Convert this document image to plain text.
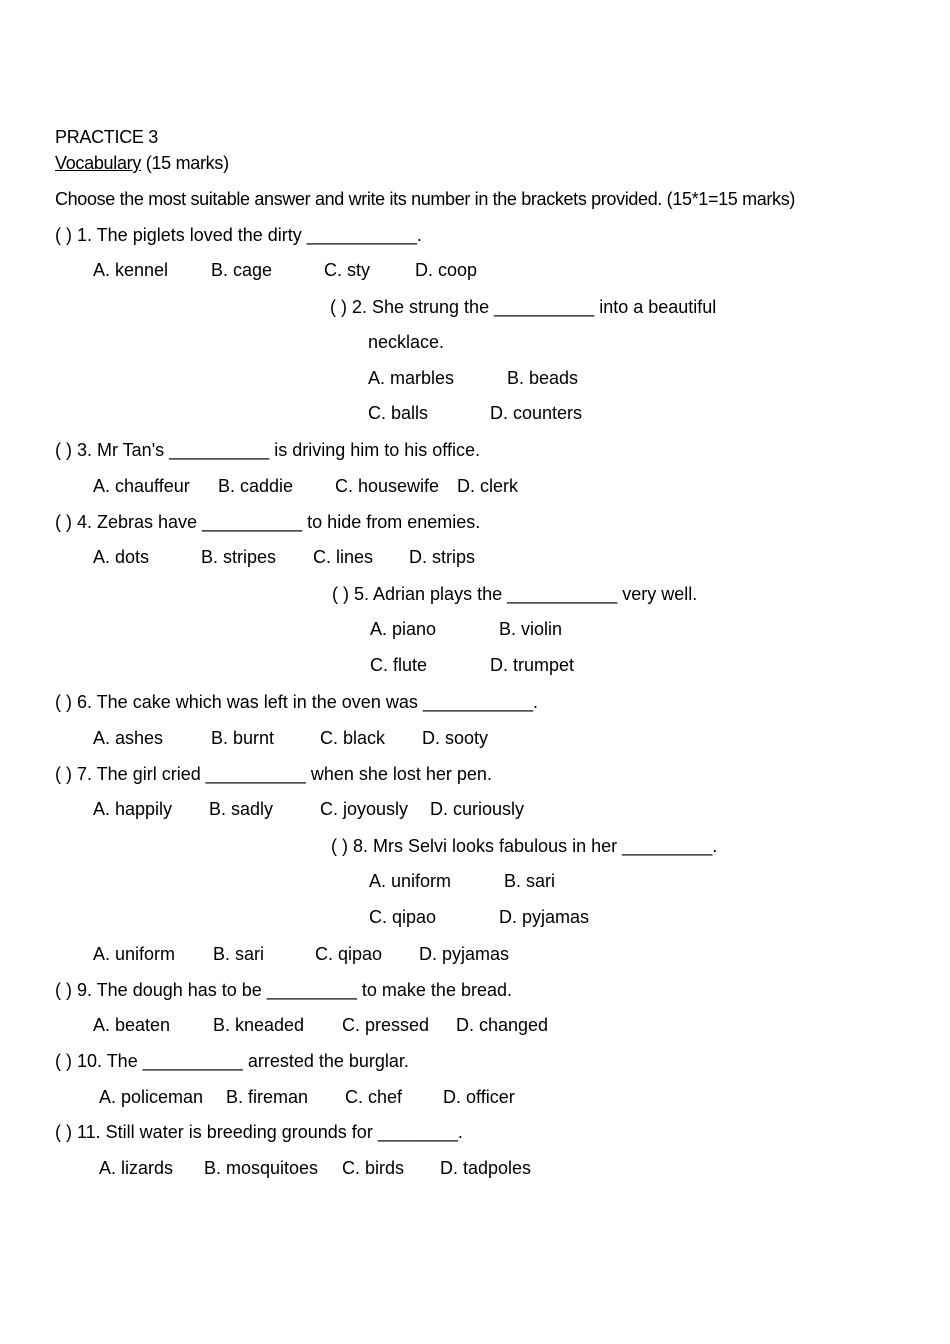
PRACTICE 3
Vocabulary (15 marks)
Choose the most suitable answer and write its number in the brackets provided. (15*1=15 marks)
( ) 1. The piglets loved the dirty ___________.
A. kennel B. cage	C. sty D. coop
( ) 2. She strung the __________ into a beautiful
necklace.
A. marbles	B. beads
C. balls	D. counters
( ) 3. Mr Tan's __________ is driving him to his office.
A. chauffeur B. caddie C. housewife D. clerk
( ) 4. Zebras have __________ to hide from enemies.
A. dots	B. stripes C. lines D. strips
( ) 5. Adrian plays the ___________ very well.
A. piano	B. violin
C. flute	D. trumpet
( ) 6. The cake which was left in the oven was ___________.
A. ashes	B. burnt	C. black D. sooty
( ) 7. The girl cried __________ when she lost her pen.
A. happily B. sadly	C. joyously D. curiously
( ) 8. Mrs Selvi looks fabulous in her _________.
A. uniform	B. sari
C. qipao	D. pyjamas
A. uniform B. sari	C. qipao D. pyjamas
( ) 9. The dough has to be _________ to make the bread.
A. beaten B. kneaded C. pressed D. changed
( ) 10. The __________ arrested the burglar.
A. policeman B. fireman C. chef D. officer
( ) 11. Still water is breeding grounds for ________.
A. lizards B. mosquitoes C. birds D. tadpoles
